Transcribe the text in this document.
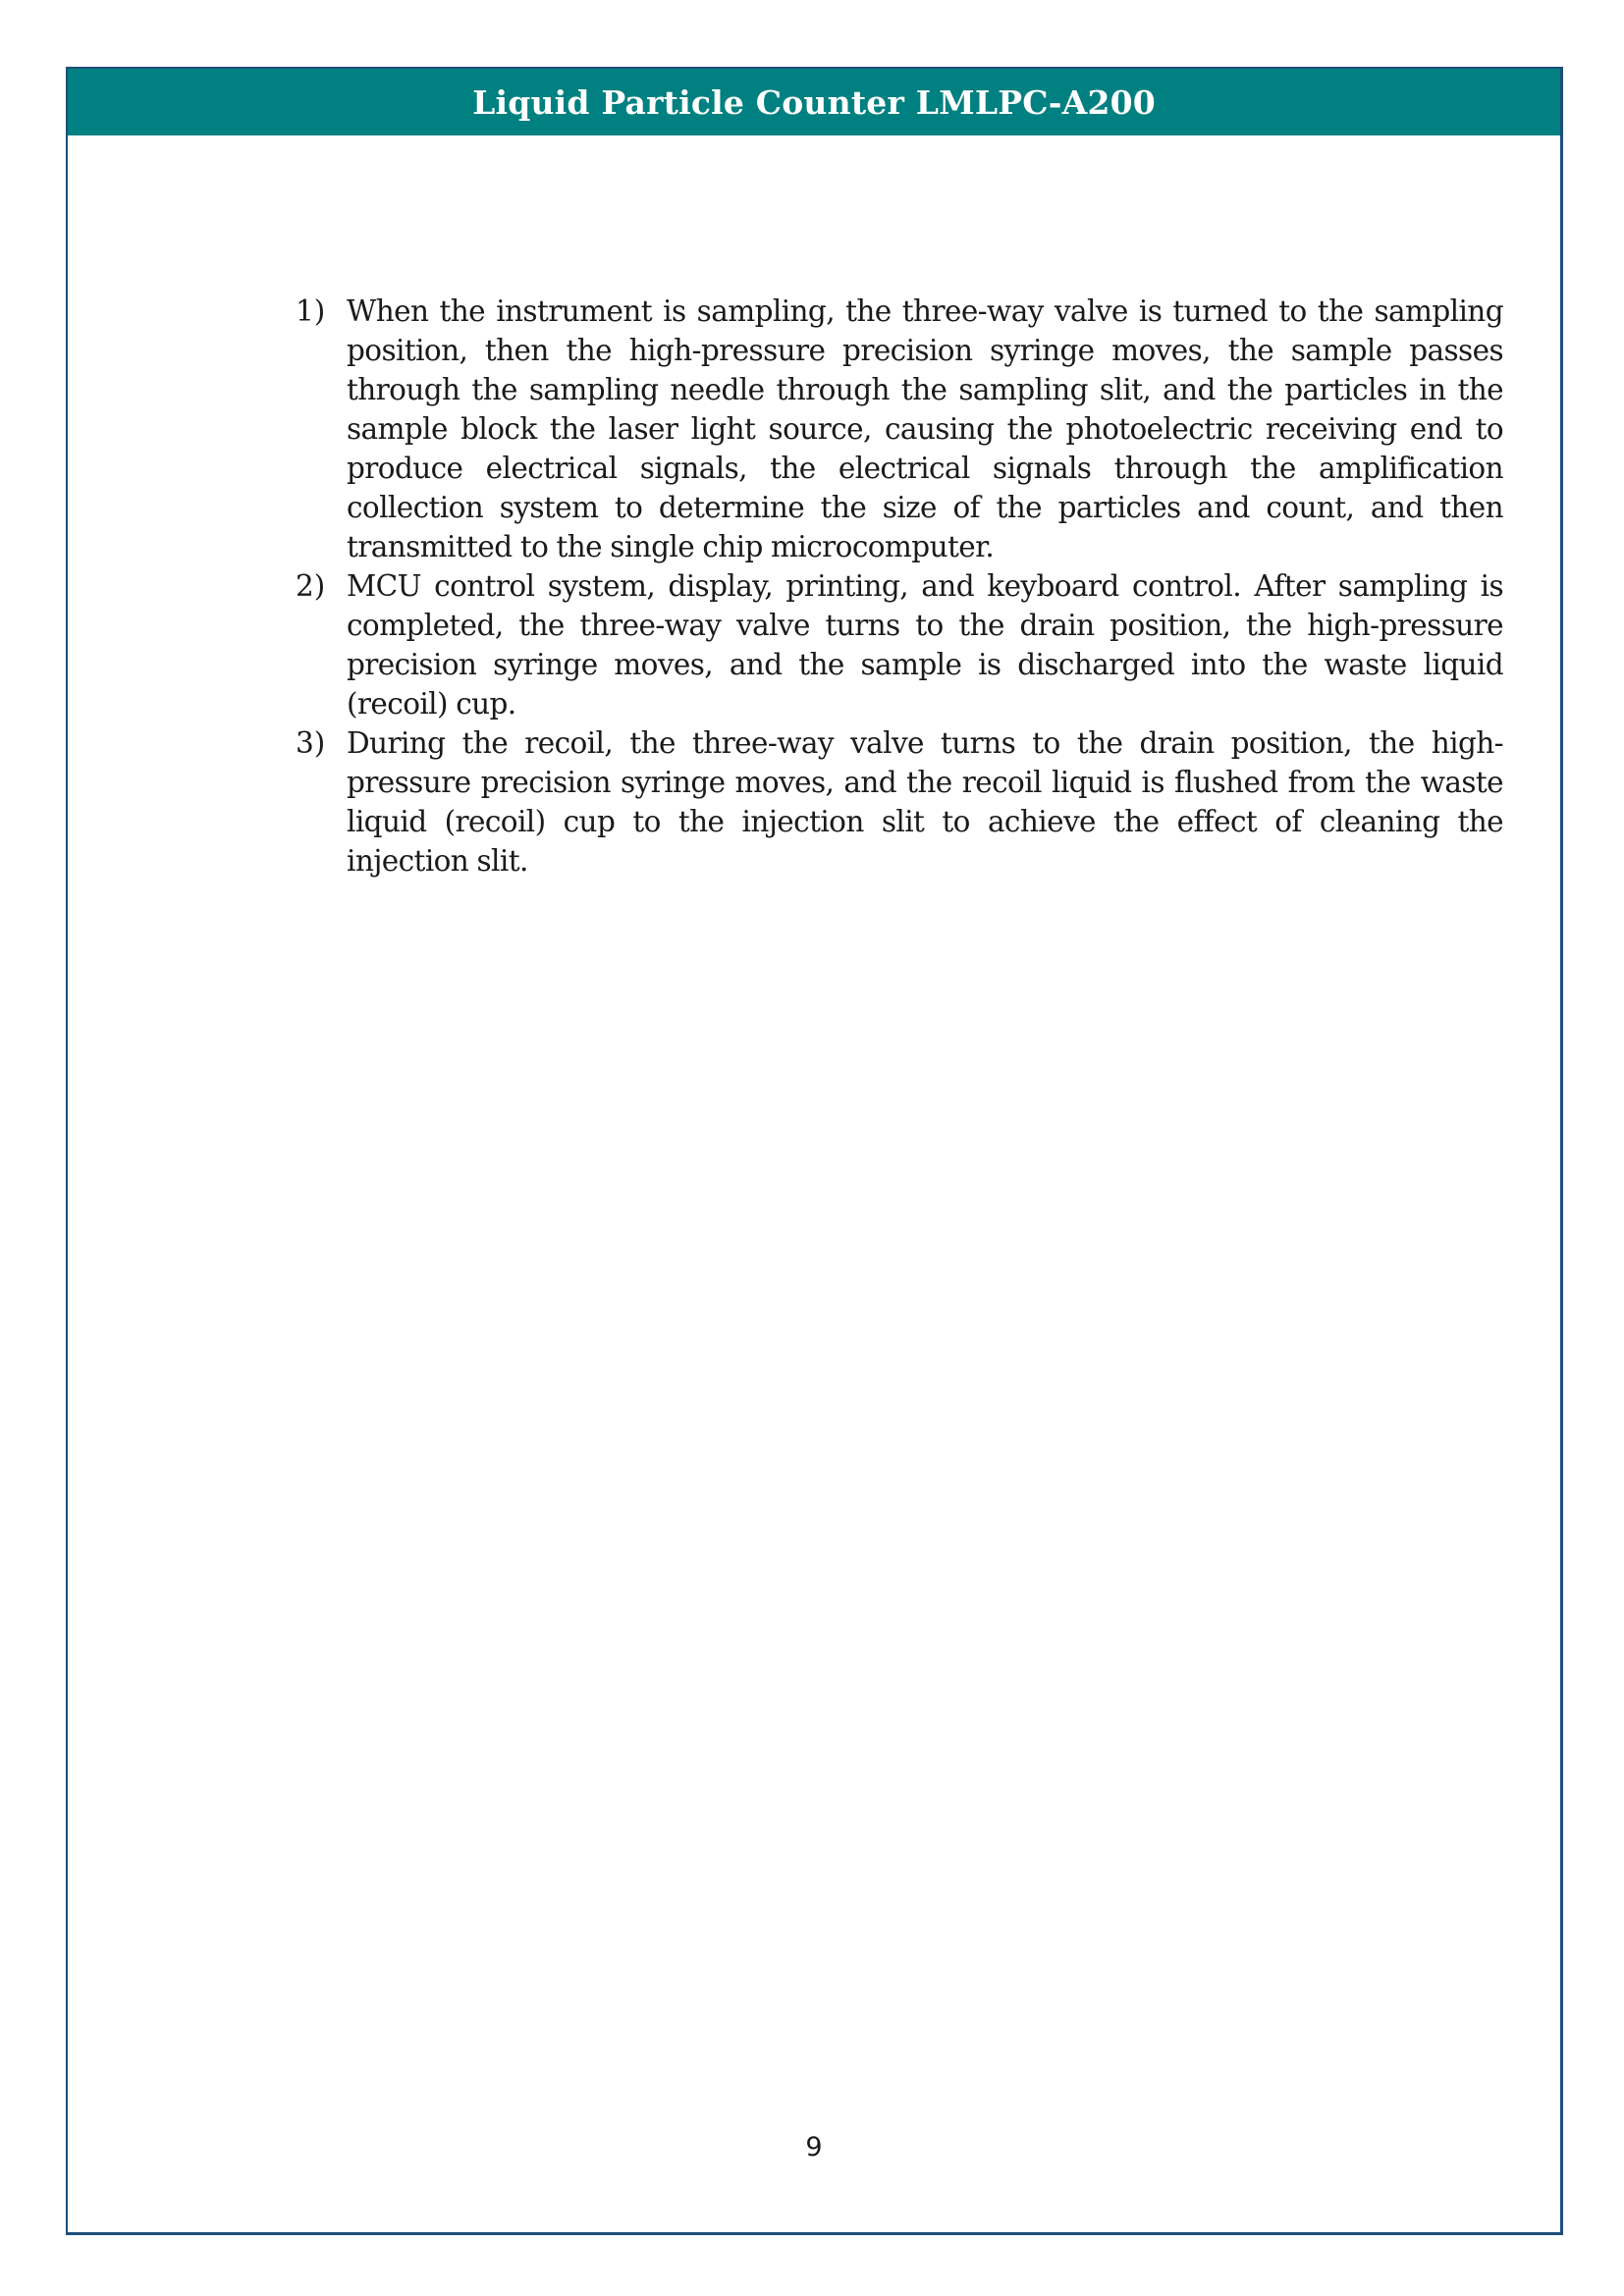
Liquid Particle Counter LMLPC-A200
1) When the instrument is sampling, the three-way valve is turned to the sampling position, then the high-pressure precision syringe moves, the sample passes through the sampling needle through the sampling slit, and the particles in the sample block the laser light source, causing the photoelectric receiving end to produce electrical signals, the electrical signals through the amplification collection system to determine the size of the particles and count, and then transmitted to the single chip microcomputer.
2) MCU control system, display, printing, and keyboard control. After sampling is completed, the three-way valve turns to the drain position, the high-pressure precision syringe moves, and the sample is discharged into the waste liquid (recoil) cup.
3) During the recoil, the three-way valve turns to the drain position, the high-pressure precision syringe moves, and the recoil liquid is flushed from the waste liquid (recoil) cup to the injection slit to achieve the effect of cleaning the injection slit.
9
